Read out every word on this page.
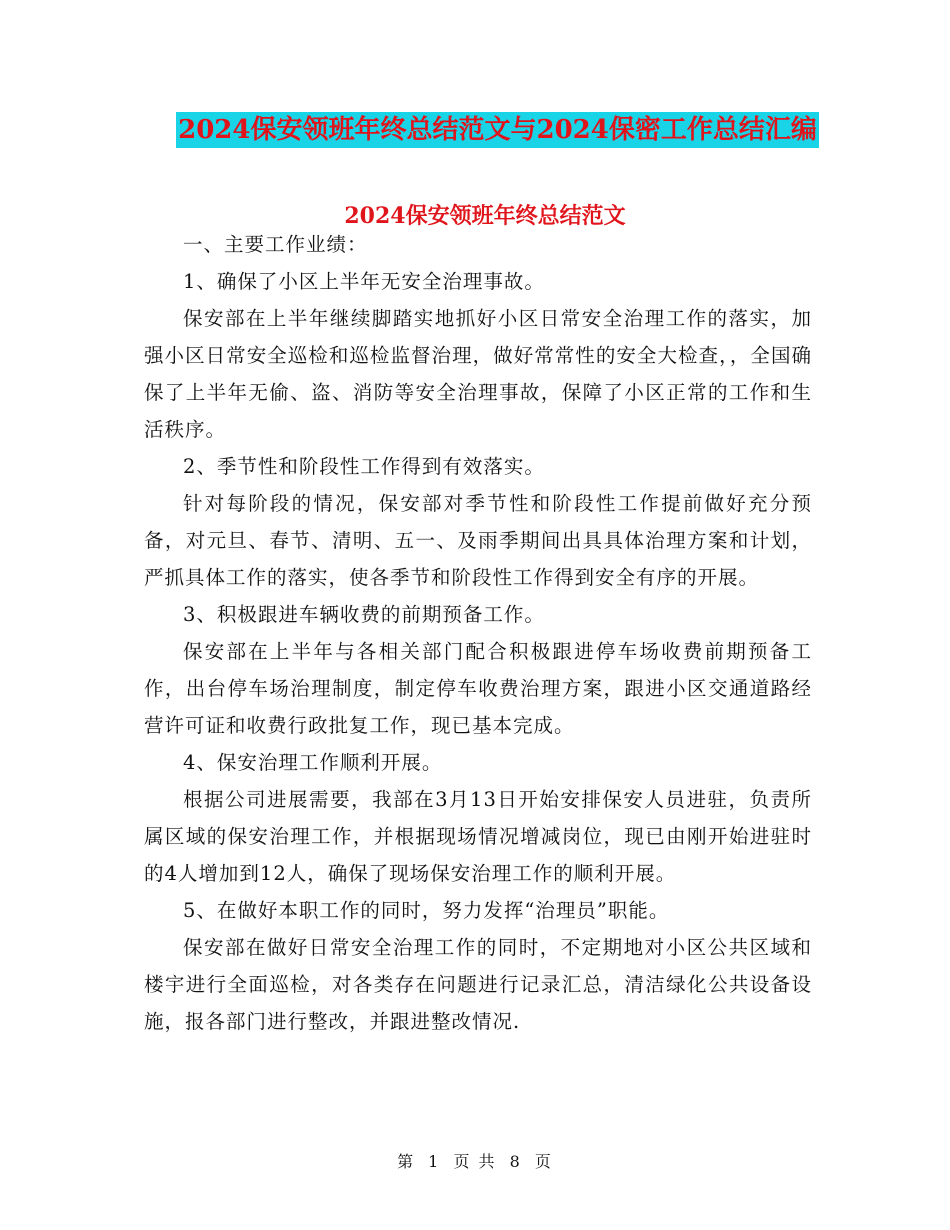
2024保安领班年终总结范文与2024保密工作总结汇编
2024保安领班年终总结范文

一、主要工作业绩：

1、确保了小区上半年无安全治理事故。

保安部在上半年继续脚踏实地抓好小区日常安全治理工作的落实，加强小区日常安全巡检和巡检监督治理，做好常常性的安全大检查，，全国确保了上半年无偷、盗、消防等安全治理事故，保障了小区正常的工作和生活秩序。

2、季节性和阶段性工作得到有效落实。

针对每阶段的情况，保安部对季节性和阶段性工作提前做好充分预备，对元旦、春节、清明、五一、及雨季期间出具具体治理方案和计划，严抓具体工作的落实，使各季节和阶段性工作得到安全有序的开展。

3、积极跟进车辆收费的前期预备工作。

保安部在上半年与各相关部门配合积极跟进停车场收费前期预备工作，出台停车场治理制度，制定停车收费治理方案，跟进小区交通道路经营许可证和收费行政批复工作，现已基本完成。

4、保安治理工作顺利开展。

根据公司进展需要，我部在3月13日开始安排保安人员进驻，负责所属区域的保安治理工作，并根据现场情况增减岗位，现已由刚开始进驻时的4人增加到12人，确保了现场保安治理工作的顺利开展。

5、在做好本职工作的同时，努力发挥“治理员”职能。

保安部在做好日常安全治理工作的同时，不定期地对小区公共区域和楼宇进行全面巡检，对各类存在问题进行记录汇总，清洁绿化公共设备设施，报各部门进行整改，并跟进整改情况.

第 1 页 共 8 页
